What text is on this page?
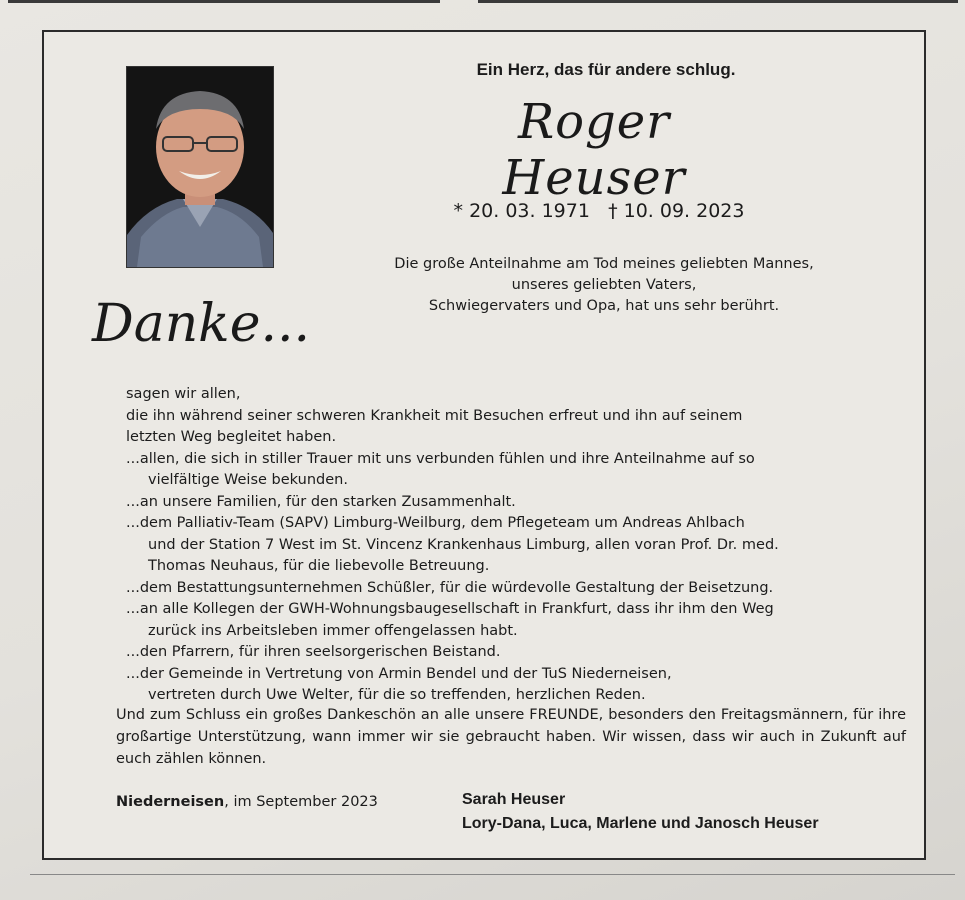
Ein Herz, das für andere schlug.
Roger Heuser
* 20. 03. 1971 † 10. 09. 2023
Die große Anteilnahme am Tod meines geliebten Mannes,
unseres geliebten Vaters,
Schwiegervaters und Opa, hat uns sehr berührt.
Danke...

sagen wir allen,

die ihn während seiner schweren Krankheit mit Besuchen erfreut und ihn auf seinem

letzten Weg begleitet haben.

...allen, die sich in stiller Trauer mit uns verbunden fühlen und ihre Anteilnahme auf so

vielfältige Weise bekunden.

...an unsere Familien, für den starken Zusammenhalt.

...dem Palliativ-Team (SAPV) Limburg-Weilburg, dem Pflegeteam um Andreas Ahlbach

und der Station 7 West im St. Vincenz Krankenhaus Limburg, allen voran Prof. Dr. med.

Thomas Neuhaus, für die liebevolle Betreuung.

...dem Bestattungsunternehmen Schüßler, für die würdevolle Gestaltung der Beisetzung.

...an alle Kollegen der GWH-Wohnungsbaugesellschaft in Frankfurt, dass ihr ihm den Weg

zurück ins Arbeitsleben immer offengelassen habt.

...den Pfarrern, für ihren seelsorgerischen Beistand.

...der Gemeinde in Vertretung von Armin Bendel und der TuS Niederneisen,

vertreten durch Uwe Welter, für die so treffenden, herzlichen Reden.

Und zum Schluss ein großes Dankeschön an alle unsere FREUNDE, besonders den Freitagsmännern, für ihre großartige Unterstützung, wann immer wir sie gebraucht haben. Wir wissen, dass wir auch in Zukunft auf euch zählen können.
Niederneisen, im September 2023	Sarah Heuser
Lory-Dana, Luca, Marlene und Janosch Heuser
